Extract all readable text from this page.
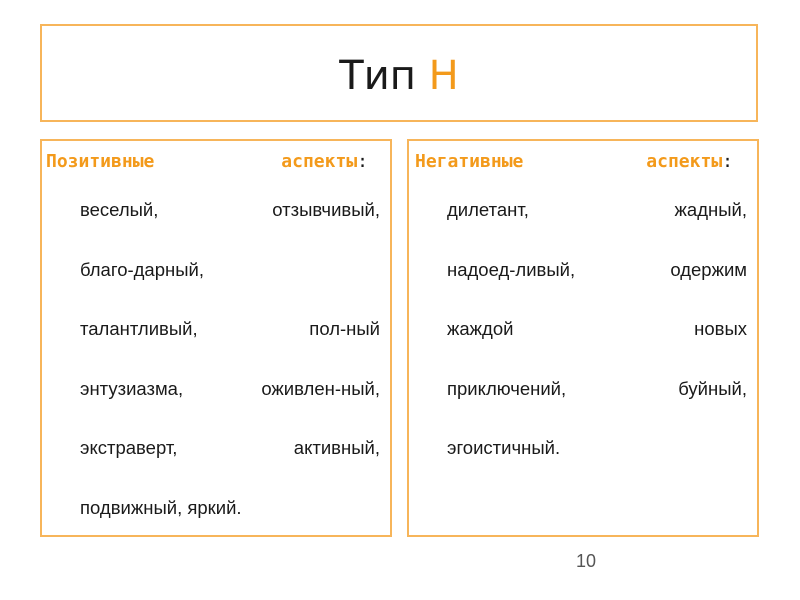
Тип Н
Позитивные	аспекты:
веселый,	отзывчивый,
благо-дарный,
талантливый,	пол-ный
энтузиазма,	оживлен-ный,
экстраверт,	активный,
подвижный, яркий.
Негативные	аспекты:
дилетант,	жадный,
надоед-ливый,	одержим
жаждой	новых
приключений,	буйный,
эгоистичный.
10
